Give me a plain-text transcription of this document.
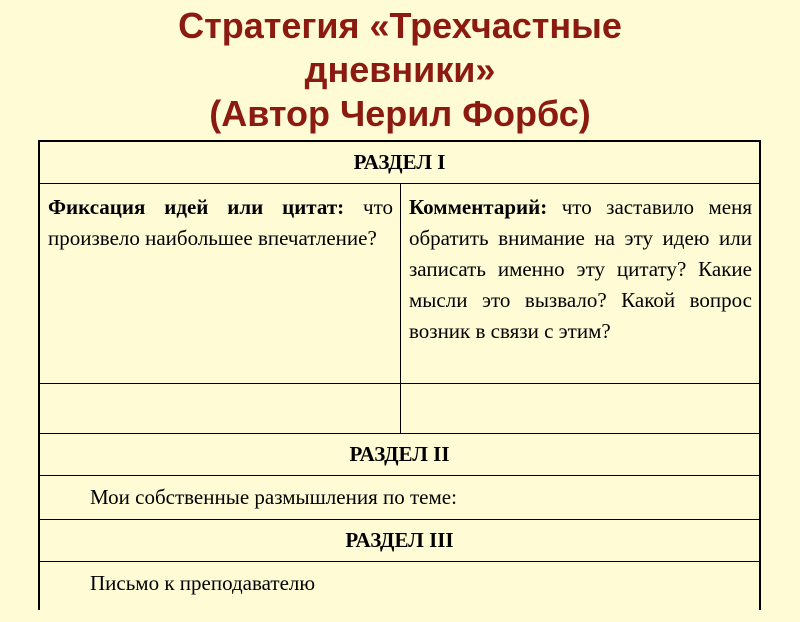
Стратегия «Трехчастные
дневники»
(Автор Черил Форбс)
РАЗДЕЛ I

Фиксация идей или цитат: что произвело наибольшее впечатление?

Комментарий: что заставило меня обратить внимание на эту идею или записать именно эту цитату? Какие мысли это вызвало? Какой вопрос возник в связи с этим?

РАЗДЕЛ II
Мои собственные размышления по теме:
РАЗДЕЛ III
Письмо к преподавателю
